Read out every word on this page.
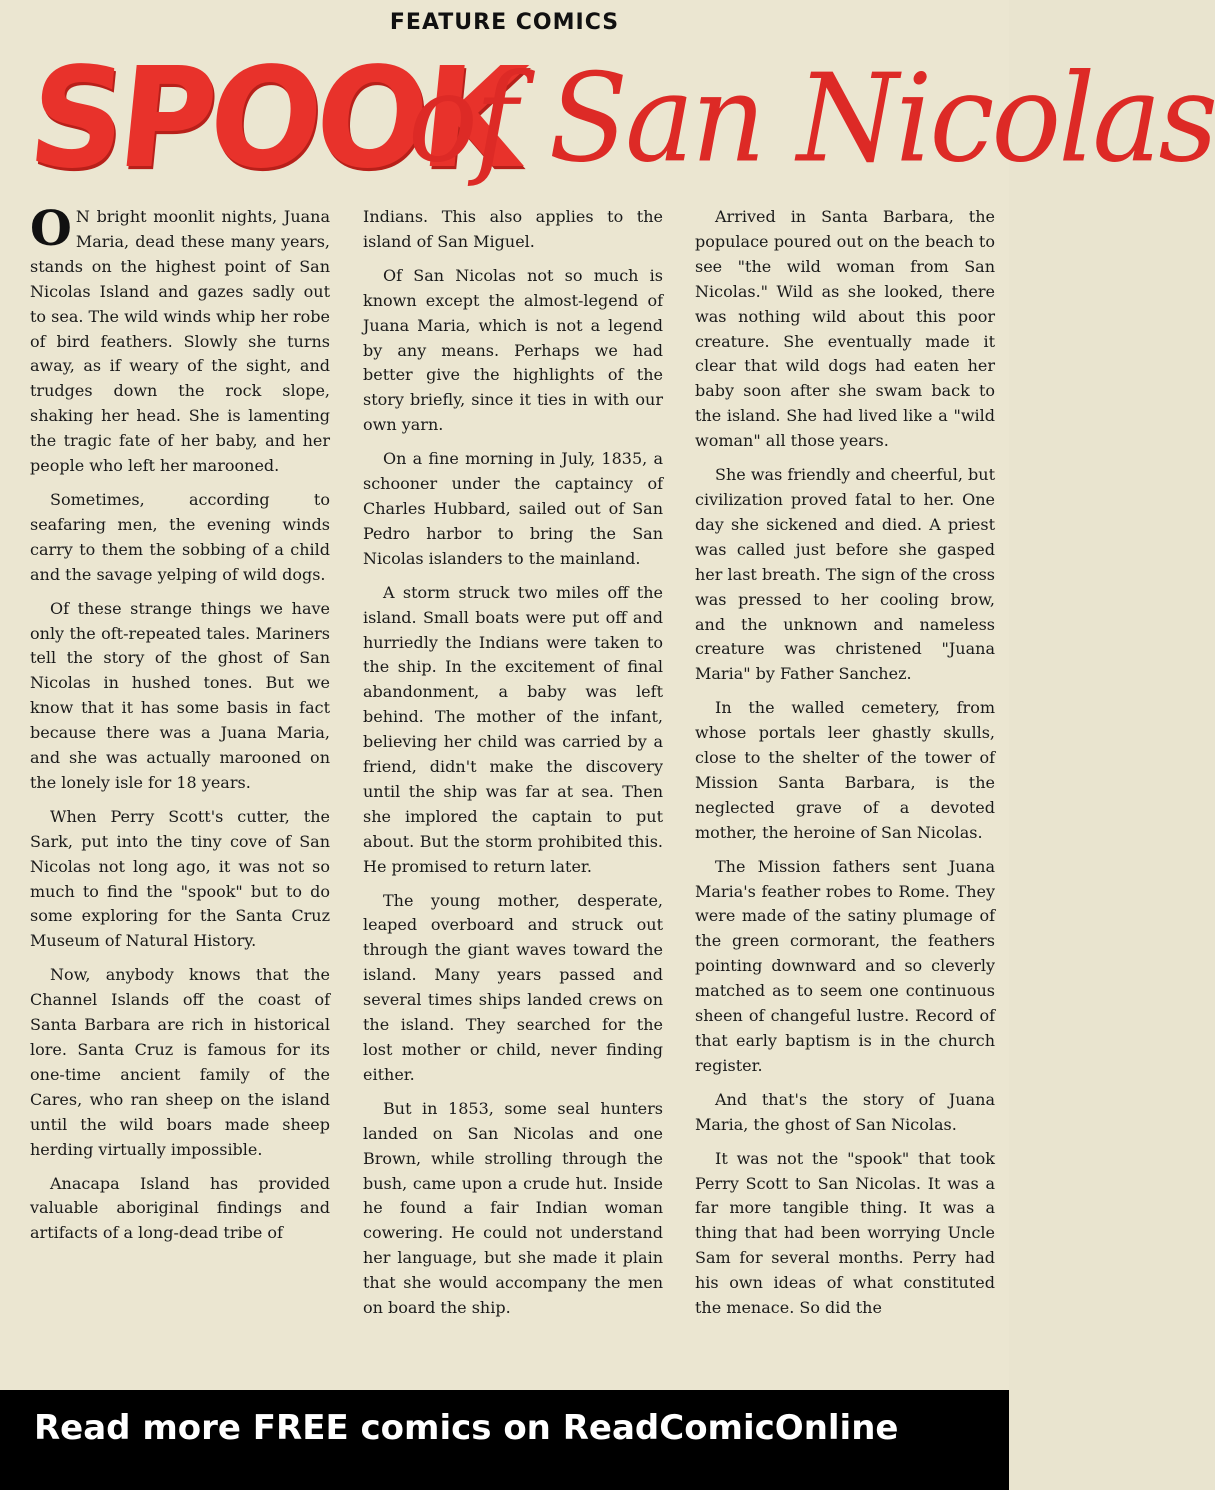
FEATURE COMICS
SPOOK
of San Nicolas

O N bright moonlit nights, Juana Maria, dead these many years, stands on the highest point of San Nicolas Island and gazes sadly out to sea. The wild winds whip her robe of bird feathers. Slowly she turns away, as if weary of the sight, and trudges down the rock slope, shaking her head. She is lamenting the tragic fate of her baby, and her people who left her marooned.

Sometimes, according to seafaring men, the evening winds carry to them the sobbing of a child and the savage yelping of wild dogs.

Of these strange things we have only the oft-repeated tales. Mariners tell the story of the ghost of San Nicolas in hushed tones. But we know that it has some basis in fact because there was a Juana Maria, and she was actually marooned on the lonely isle for 18 years.

When Perry Scott's cutter, the Sark, put into the tiny cove of San Nicolas not long ago, it was not so much to find the "spook" but to do some exploring for the Santa Cruz Museum of Natural History.

Now, anybody knows that the Channel Islands off the coast of Santa Barbara are rich in historical lore. Santa Cruz is famous for its one-time ancient family of the Cares, who ran sheep on the island until the wild boars made sheep herding virtually impossible.

Anacapa Island has provided valuable aboriginal findings and artifacts of a long-dead tribe of

Indians. This also applies to the island of San Miguel.

Of San Nicolas not so much is known except the almost-legend of Juana Maria, which is not a legend by any means. Perhaps we had better give the highlights of the story briefly, since it ties in with our own yarn.

On a fine morning in July, 1835, a schooner under the captaincy of Charles Hubbard, sailed out of San Pedro harbor to bring the San Nicolas islanders to the mainland.

A storm struck two miles off the island. Small boats were put off and hurriedly the Indians were taken to the ship. In the excitement of final abandonment, a baby was left behind. The mother of the infant, believing her child was carried by a friend, didn't make the discovery until the ship was far at sea. Then she implored the captain to put about. But the storm prohibited this. He promised to return later.

The young mother, desperate, leaped overboard and struck out through the giant waves toward the island. Many years passed and several times ships landed crews on the island. They searched for the lost mother or child, never finding either.

But in 1853, some seal hunters landed on San Nicolas and one Brown, while strolling through the bush, came upon a crude hut. Inside he found a fair Indian woman cowering. He could not understand her language, but she made it plain that she would accompany the men on board the ship.

Arrived in Santa Barbara, the populace poured out on the beach to see "the wild woman from San Nicolas." Wild as she looked, there was nothing wild about this poor creature. She eventually made it clear that wild dogs had eaten her baby soon after she swam back to the island. She had lived like a "wild woman" all those years.

She was friendly and cheerful, but civilization proved fatal to her. One day she sickened and died. A priest was called just before she gasped her last breath. The sign of the cross was pressed to her cooling brow, and the unknown and nameless creature was christened "Juana Maria" by Father Sanchez.

In the walled cemetery, from whose portals leer ghastly skulls, close to the shelter of the tower of Mission Santa Barbara, is the neglected grave of a devoted mother, the heroine of San Nicolas.

The Mission fathers sent Juana Maria's feather robes to Rome. They were made of the satiny plumage of the green cormorant, the feathers pointing downward and so cleverly matched as to seem one continuous sheen of changeful lustre. Record of that early baptism is in the church register.

And that's the story of Juana Maria, the ghost of San Nicolas.

It was not the "spook" that took Perry Scott to San Nicolas. It was a far more tangible thing. It was a thing that had been worrying Uncle Sam for several months. Perry had his own ideas of what constituted the menace. So did the

Read more FREE comics on ReadComicOnline
